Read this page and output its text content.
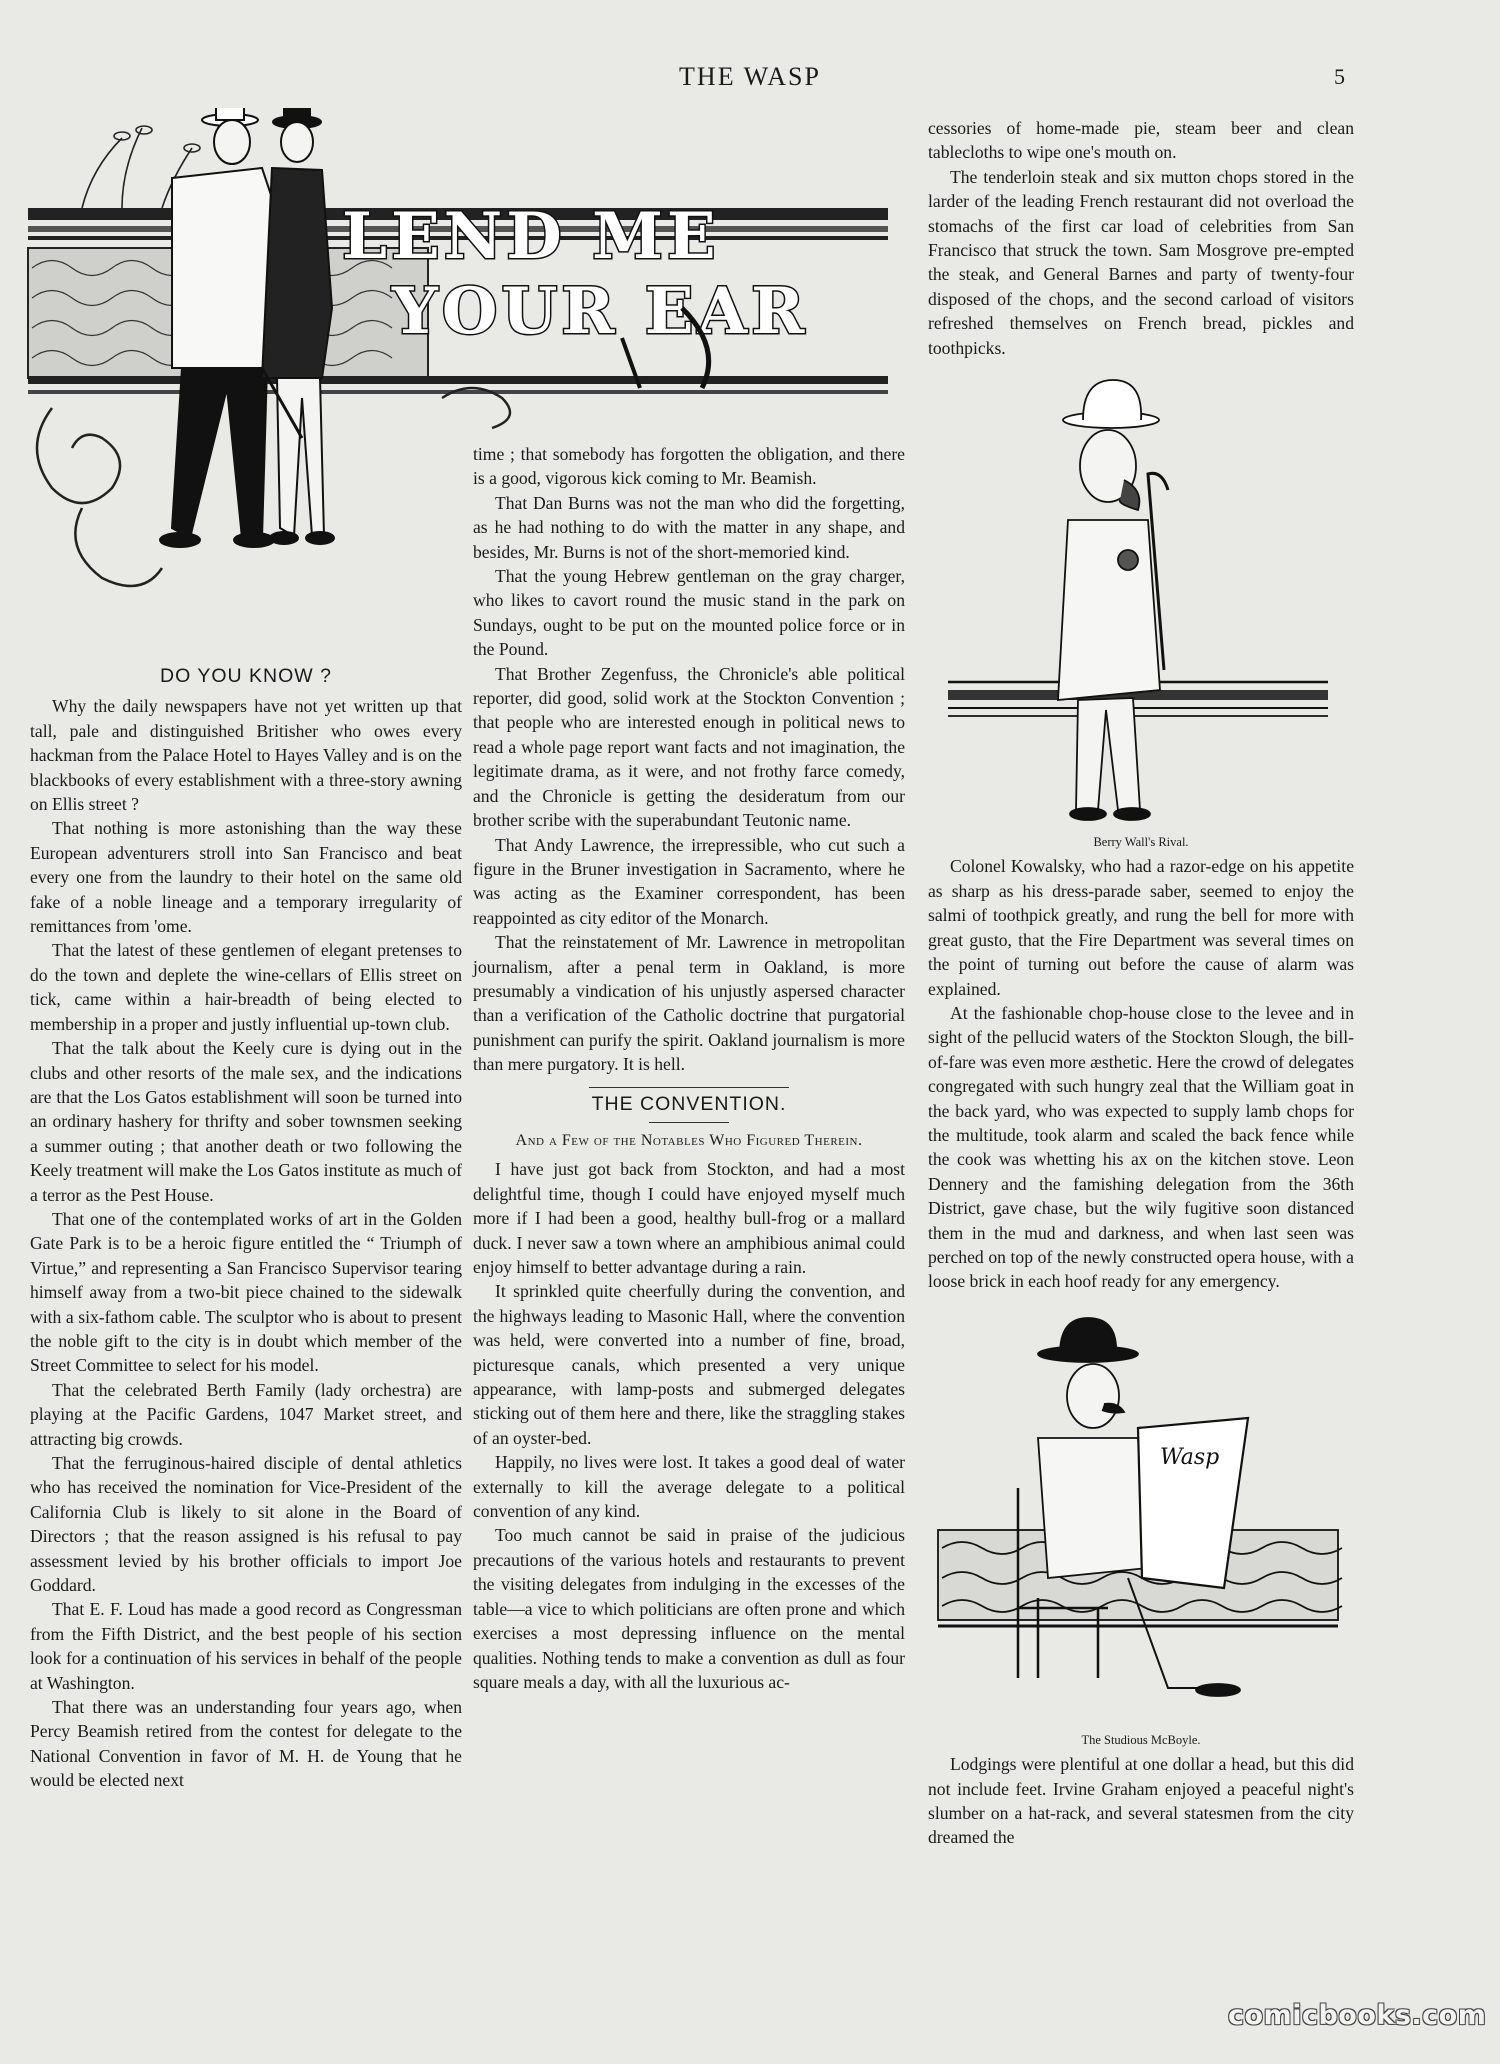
THE WASP	5
LEND ME
YOUR EAR
DO YOU KNOW ?

Why the daily newspapers have not yet written up that tall, pale and distinguished Britisher who owes every hackman from the Palace Hotel to Hayes Valley and is on the blackbooks of every establishment with a three-story awning on Ellis street ?

That nothing is more astonishing than the way these European adventurers stroll into San Francisco and beat every one from the laundry to their hotel on the same old fake of a noble lineage and a temporary irregularity of remittances from 'ome.

That the latest of these gentlemen of elegant pretenses to do the town and deplete the wine-cellars of Ellis street on tick, came within a hair-breadth of being elected to membership in a proper and justly influential up-town club.

That the talk about the Keely cure is dying out in the clubs and other resorts of the male sex, and the indications are that the Los Gatos establishment will soon be turned into an ordinary hashery for thrifty and sober townsmen seeking a summer outing ; that another death or two following the Keely treatment will make the Los Gatos institute as much of a terror as the Pest House.

That one of the contemplated works of art in the Golden Gate Park is to be a heroic figure entitled the “ Triumph of Virtue,” and representing a San Francisco Supervisor tearing himself away from a two-bit piece chained to the sidewalk with a six-fathom cable. The sculptor who is about to present the noble gift to the city is in doubt which member of the Street Committee to select for his model.

That the celebrated Berth Family (lady orchestra) are playing at the Pacific Gardens, 1047 Market street, and attracting big crowds.

That the ferruginous-haired disciple of dental athletics who has received the nomination for Vice-President of the California Club is likely to sit alone in the Board of Directors ; that the reason assigned is his refusal to pay assessment levied by his brother officials to import Joe Goddard.

That E. F. Loud has made a good record as Congressman from the Fifth District, and the best people of his section look for a continuation of his services in behalf of the people at Washington.

That there was an understanding four years ago, when Percy Beamish retired from the contest for delegate to the National Convention in favor of M. H. de Young that he would be elected next

time ; that somebody has forgotten the obligation, and there is a good, vigorous kick coming to Mr. Beamish.

That Dan Burns was not the man who did the forgetting, as he had nothing to do with the matter in any shape, and besides, Mr. Burns is not of the short-memoried kind.

That the young Hebrew gentleman on the gray charger, who likes to cavort round the music stand in the park on Sundays, ought to be put on the mounted police force or in the Pound.

That Brother Zegenfuss, the Chronicle's able political reporter, did good, solid work at the Stockton Convention ; that people who are interested enough in political news to read a whole page report want facts and not imagination, the legitimate drama, as it were, and not frothy farce comedy, and the Chronicle is getting the desideratum from our brother scribe with the superabundant Teutonic name.

That Andy Lawrence, the irrepressible, who cut such a figure in the Bruner investigation in Sacramento, where he was acting as the Examiner correspondent, has been reappointed as city editor of the Monarch.

That the reinstatement of Mr. Lawrence in metropolitan journalism, after a penal term in Oakland, is more presumably a vindication of his unjustly aspersed character than a verification of the Catholic doctrine that purgatorial punishment can purify the spirit. Oakland journalism is more than mere purgatory. It is hell.

THE CONVENTION.
And a Few of the Notables Who Figured Therein.

I have just got back from Stockton, and had a most delightful time, though I could have enjoyed myself much more if I had been a good, healthy bull-frog or a mallard duck. I never saw a town where an amphibious animal could enjoy himself to better advantage during a rain.

It sprinkled quite cheerfully during the convention, and the highways leading to Masonic Hall, where the convention was held, were converted into a number of fine, broad, picturesque canals, which presented a very unique appearance, with lamp-posts and submerged delegates sticking out of them here and there, like the straggling stakes of an oyster-bed.

Happily, no lives were lost. It takes a good deal of water externally to kill the average delegate to a political convention of any kind.

Too much cannot be said in praise of the judicious precautions of the various hotels and restaurants to prevent the visiting delegates from indulging in the excesses of the table—a vice to which politicians are often prone and which exercises a most depressing influence on the mental qualities. Nothing tends to make a convention as dull as four square meals a day, with all the luxurious ac-

cessories of home-made pie, steam beer and clean tablecloths to wipe one's mouth on.

The tenderloin steak and six mutton chops stored in the larder of the leading French restaurant did not overload the stomachs of the first car load of celebrities from San Francisco that struck the town. Sam Mosgrove pre-empted the steak, and General Barnes and party of twenty-four disposed of the chops, and the second carload of visitors refreshed themselves on French bread, pickles and toothpicks.

Berry Wall's Rival.

Colonel Kowalsky, who had a razor-edge on his appetite as sharp as his dress-parade saber, seemed to enjoy the salmi of toothpick greatly, and rung the bell for more with great gusto, that the Fire Department was several times on the point of turning out before the cause of alarm was explained.

At the fashionable chop-house close to the levee and in sight of the pellucid waters of the Stockton Slough, the bill-of-fare was even more æsthetic. Here the crowd of delegates congregated with such hungry zeal that the William goat in the back yard, who was expected to supply lamb chops for the multitude, took alarm and scaled the back fence while the cook was whetting his ax on the kitchen stove. Leon Dennery and the famishing delegation from the 36th District, gave chase, but the wily fugitive soon distanced them in the mud and darkness, and when last seen was perched on top of the newly constructed opera house, with a loose brick in each hoof ready for any emergency.

Wasp

The Studious McBoyle.

Lodgings were plentiful at one dollar a head, but this did not include feet. Irvine Graham enjoyed a peaceful night's slumber on a hat-rack, and several statesmen from the city dreamed the

comicbooks.com
